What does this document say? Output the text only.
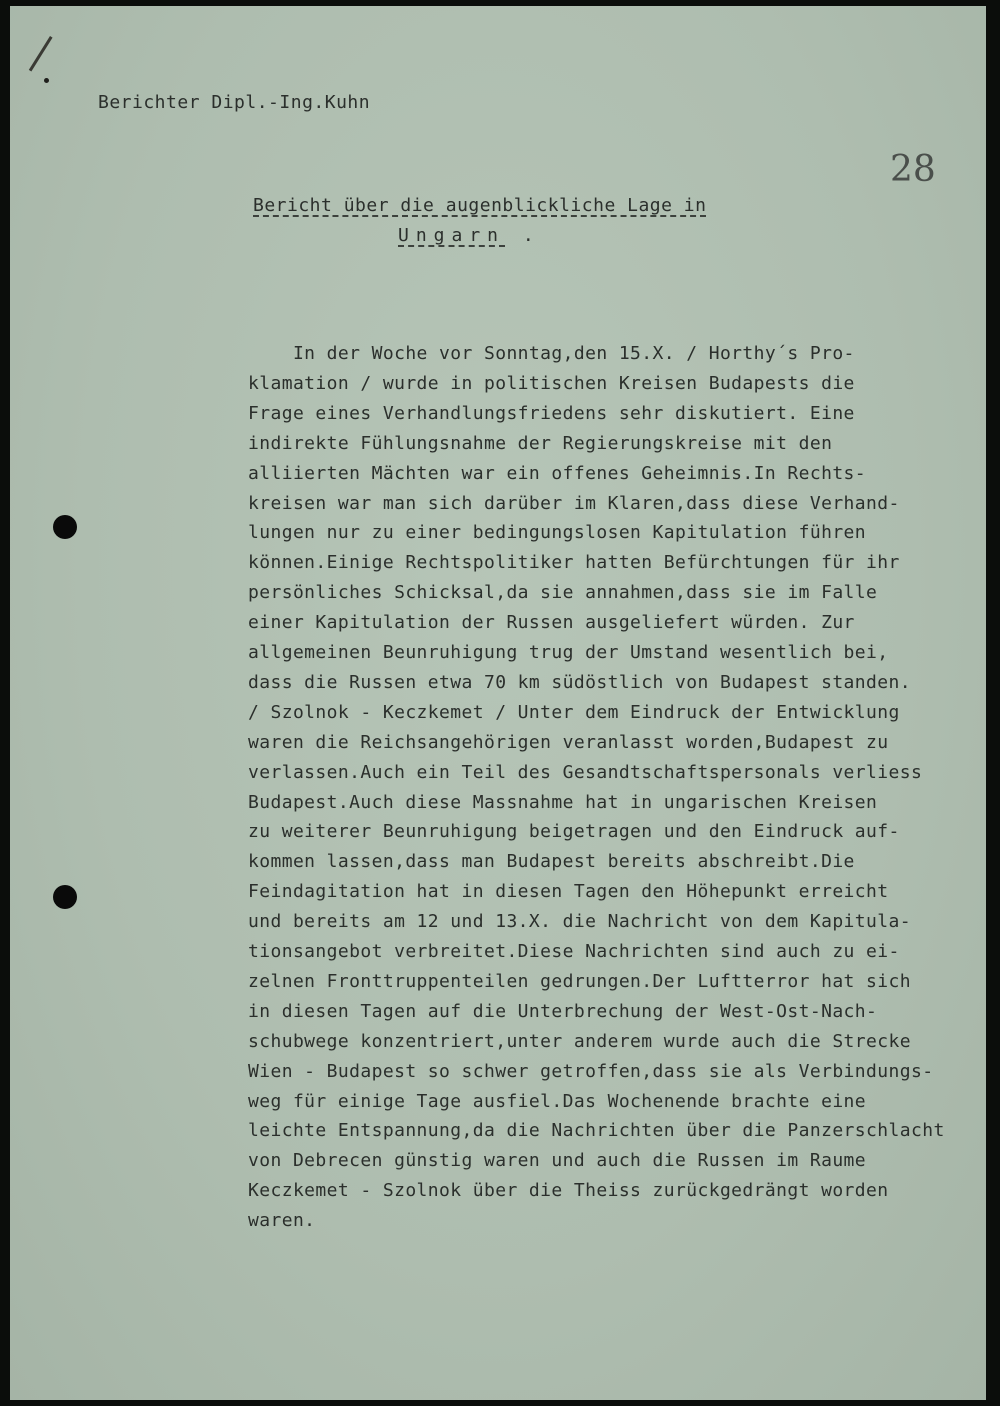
Berichter Dipl.-Ing.Kuhn
28
Bericht über die augenblickliche Lage in
Ungarn .
In der Woche vor Sonntag,den 15.X. / Horthy´s Pro-
klamation / wurde in politischen Kreisen Budapests die
Frage eines Verhandlungsfriedens sehr diskutiert. Eine
indirekte Fühlungsnahme der Regierungskreise mit den
alliierten Mächten war ein offenes Geheimnis.In Rechts-
kreisen war man sich darüber im Klaren,dass diese Verhand-
lungen nur zu einer bedingungslosen Kapitulation führen
können.Einige Rechtspolitiker hatten Befürchtungen für ihr
persönliches Schicksal,da sie annahmen,dass sie im Falle
einer Kapitulation der Russen ausgeliefert würden. Zur
allgemeinen Beunruhigung trug der Umstand wesentlich bei,
dass die Russen etwa 70 km südöstlich von Budapest standen.
/ Szolnok - Keczkemet / Unter dem Eindruck der Entwicklung
waren die Reichsangehörigen veranlasst worden,Budapest zu
verlassen.Auch ein Teil des Gesandtschaftspersonals verliess
Budapest.Auch diese Massnahme hat in ungarischen Kreisen
zu weiterer Beunruhigung beigetragen und den Eindruck auf-
kommen lassen,dass man Budapest bereits abschreibt.Die
Feindagitation hat in diesen Tagen den Höhepunkt erreicht
und bereits am 12 und 13.X. die Nachricht von dem Kapitula-
tionsangebot verbreitet.Diese Nachrichten sind auch zu ei-
zelnen Fronttruppenteilen gedrungen.Der Luftterror hat sich
in diesen Tagen auf die Unterbrechung der West-Ost-Nach-
schubwege konzentriert,unter anderem wurde auch die Strecke
Wien - Budapest so schwer getroffen,dass sie als Verbindungs-
weg für einige Tage ausfiel.Das Wochenende brachte eine
leichte Entspannung,da die Nachrichten über die Panzerschlacht
von Debrecen günstig waren und auch die Russen im Raume
Keczkemet - Szolnok über die Theiss zurückgedrängt worden
waren.
